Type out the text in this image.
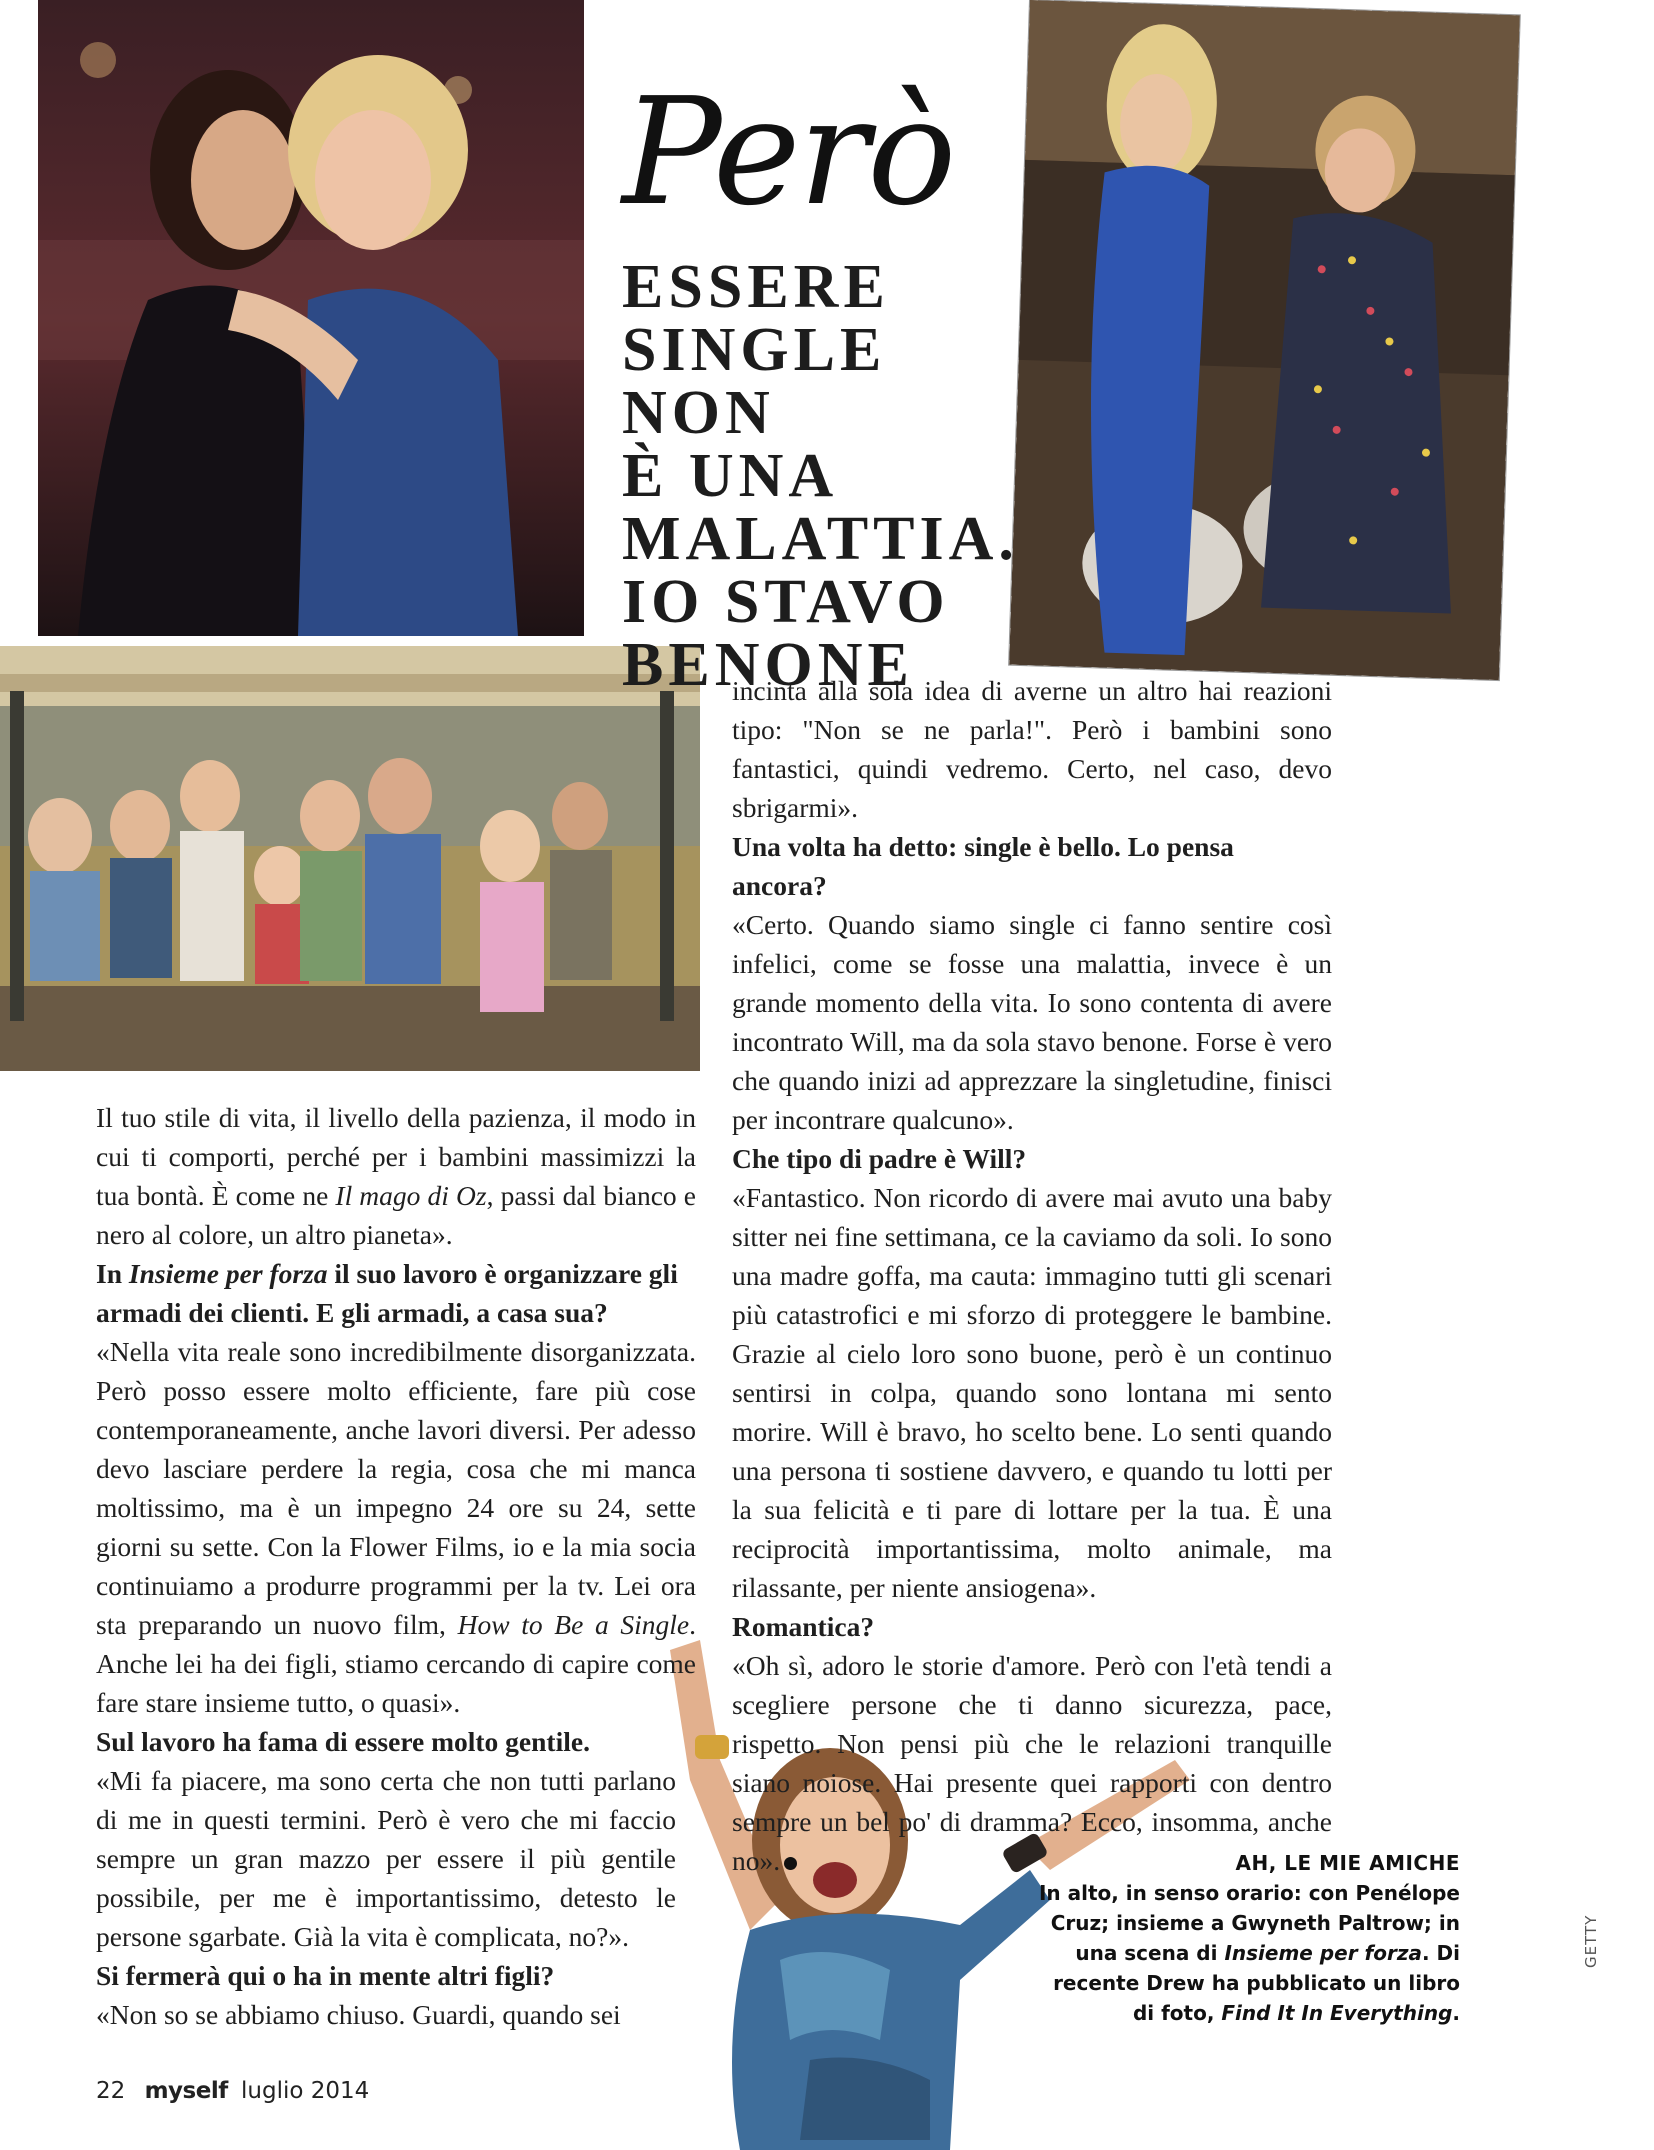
Però
ESSERE
SINGLE NON
È UNA
MALATTIA.
IO STAVO
BENONE

Il tuo stile di vita, il livello della pazienza, il modo in cui ti comporti, perché per i bambini massimizzi la tua bontà. È come ne Il mago di Oz, passi dal bianco e nero al colore, un altro pianeta».

In Insieme per forza il suo lavoro è organizzare gli armadi dei clienti. E gli armadi, a casa sua?

«Nella vita reale sono incredibilmente disorganizzata. Però posso essere molto efficiente, fare più cose contemporaneamente, anche lavori diversi. Per adesso devo lasciare perdere la regia, cosa che mi manca moltissimo, ma è un impegno 24 ore su 24, sette giorni su sette. Con la Flower Films, io e la mia socia continuiamo a produrre programmi per la tv. Lei ora sta preparando un nuovo film, How to Be a Single. Anche lei ha dei figli, stiamo cercando di capire come fare stare insieme tutto, o quasi».

Sul lavoro ha fama di essere molto gentile.

«Mi fa piacere, ma sono certa che non tutti parlano di me in questi termini. Però è vero che mi faccio sempre un gran mazzo per essere il più gentile possibile, per me è importantissimo, detesto le persone sgarbate. Già la vita è complicata, no?».

Si fermerà qui o ha in mente altri figli?

«Non so se abbiamo chiuso. Guardi, quando sei

incinta alla sola idea di averne un altro hai reazioni tipo: "Non se ne parla!". Però i bambini sono fantastici, quindi vedremo. Certo, nel caso, devo sbrigarmi».

Una volta ha detto: single è bello. Lo pensa ancora?

«Certo. Quando siamo single ci fanno sentire così infelici, come se fosse una malattia, invece è un grande momento della vita. Io sono contenta di avere incontrato Will, ma da sola stavo benone. Forse è vero che quando inizi ad apprezzare la singletudine, finisci per incontrare qualcuno».

Che tipo di padre è Will?

«Fantastico. Non ricordo di avere mai avuto una baby sitter nei fine settimana, ce la caviamo da soli. Io sono una madre goffa, ma cauta: immagino tutti gli scenari più catastrofici e mi sforzo di proteggere le bambine. Grazie al cielo loro sono buone, però è un continuo sentirsi in colpa, quando sono lontana mi sento morire. Will è bravo, ho scelto bene. Lo senti quando una persona ti sostiene davvero, e quando tu lotti per la sua felicità e ti pare di lottare per la tua. È una reciprocità importantissima, molto animale, ma rilassante, per niente ansiogena».

Romantica?

«Oh sì, adoro le storie d'amore. Però con l'età tendi a scegliere persone che ti danno sicurezza, pace, rispetto. Non pensi più che le relazioni tranquille siano noiose. Hai presente quei rapporti con dentro sempre un bel po' di dramma? Ecco, insomma, anche no».	AH, LE MIE AMICHE
In alto, in senso orario: con Penélope Cruz; insieme a Gwyneth Paltrow; in una scena di Insieme per forza. Di recente Drew ha pubblicato un libro di foto, Find It In Everything.
GETTY
22 myself luglio 2014
